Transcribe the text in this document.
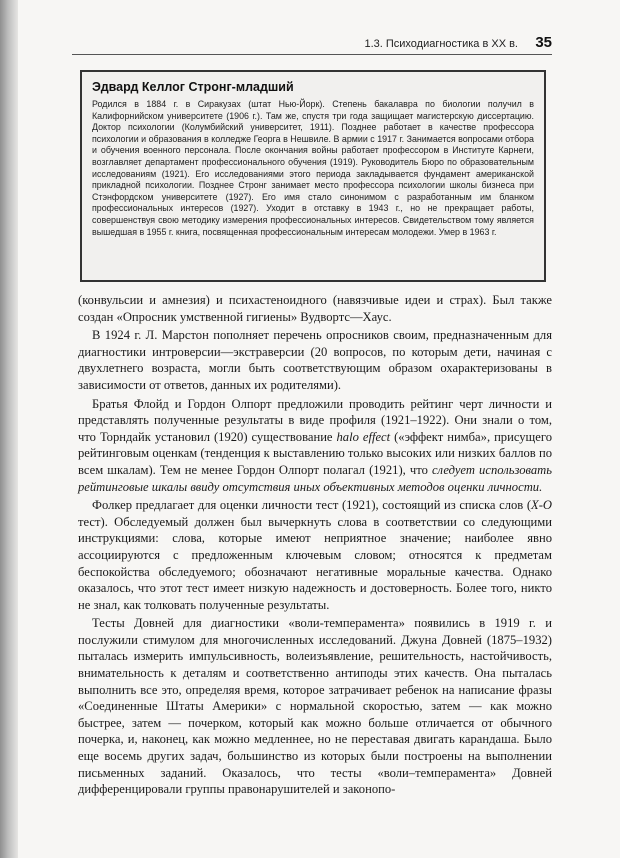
1.3. Психодиагностика в XX в. 35

Эдвард Келлог Стронг-младший

Родился в 1884 г. в Сиракузах (штат Нью-Йорк). Степень бакалавра по биологии получил в Калифорнийском университете (1906 г.). Там же, спустя три года защищает магистерскую диссертацию. Доктор психологии (Колумбийский университет, 1911). Позднее работает в качестве профессора психологии и образования в колледже Георга в Нешвиле. В армии с 1917 г. Занимается вопросами отбора и обучения военного персонала. После окончания войны работает профессором в Институте Карнеги, возглавляет департамент профессионального обучения (1919). Руководитель Бюро по образовательным исследованиям (1921). Его исследованиями этого периода закладывается фундамент американской прикладной психологии. Позднее Стронг занимает место профессора психологии школы бизнеса при Стэнфордском университете (1927). Его имя стало синонимом с разработанным им бланком профессиональных интересов (1927). Уходит в отставку в 1943 г., но не прекращает работы, совершенствуя свою методику измерения профессиональных интересов. Свидетельством тому является вышедшая в 1955 г. книга, посвященная профессиональным интересам молодежи. Умер в 1963 г.

(конвульсии и амнезия) и психастеноидного (навязчивые идеи и страх). Был также создан «Опросник умственной гигиены» Вудвортс—Хаус.

В 1924 г. Л. Марстон пополняет перечень опросников своим, предназначенным для диагностики интроверсии—экстраверсии (20 вопросов, по которым дети, начиная с двухлетнего возраста, могли быть соответствующим образом охарактеризованы в зависимости от ответов, данных их родителями).

Братья Флойд и Гордон Олпорт предложили проводить рейтинг черт личности и представлять полученные результаты в виде профиля (1921–1922). Они знали о том, что Торндайк установил (1920) существование halo effect («эффект нимба», присущего рейтинговым оценкам (тенденция к выставлению только высоких или низких баллов по всем шкалам). Тем не менее Гордон Олпорт полагал (1921), что следует использовать рейтинговые шкалы ввиду отсутствия иных объективных методов оценки личности.

Фолкер предлагает для оценки личности тест (1921), состоящий из списка слов (X-O тест). Обследуемый должен был вычеркнуть слова в соответствии со следующими инструкциями: слова, которые имеют неприятное значение; наиболее явно ассоциируются с предложенным ключевым словом; относятся к предметам беспокойства обследуемого; обозначают негативные моральные качества. Однако оказалось, что этот тест имеет низкую надежность и достоверность. Более того, никто не знал, как толковать полученные результаты.

Тесты Довней для диагностики «воли-темперамента» появились в 1919 г. и послужили стимулом для многочисленных исследований. Джуна Довней (1875–1932) пыталась измерить импульсивность, волеизъявление, решительность, настойчивость, внимательность к деталям и соответственно антиподы этих качеств. Она пыталась выполнить все это, определяя время, которое затрачивает ребенок на написание фразы «Соединенные Штаты Америки» с нормальной скоростью, затем — как можно быстрее, затем — почерком, который как можно больше отличается от обычного почерка, и, наконец, как можно медленнее, но не переставая двигать карандаша. Было еще восемь других задач, большинство из которых были построены на выполнении письменных заданий. Оказалось, что тесты «воли–темперамента» Довней дифференцировали группы правонарушителей и законопо-
